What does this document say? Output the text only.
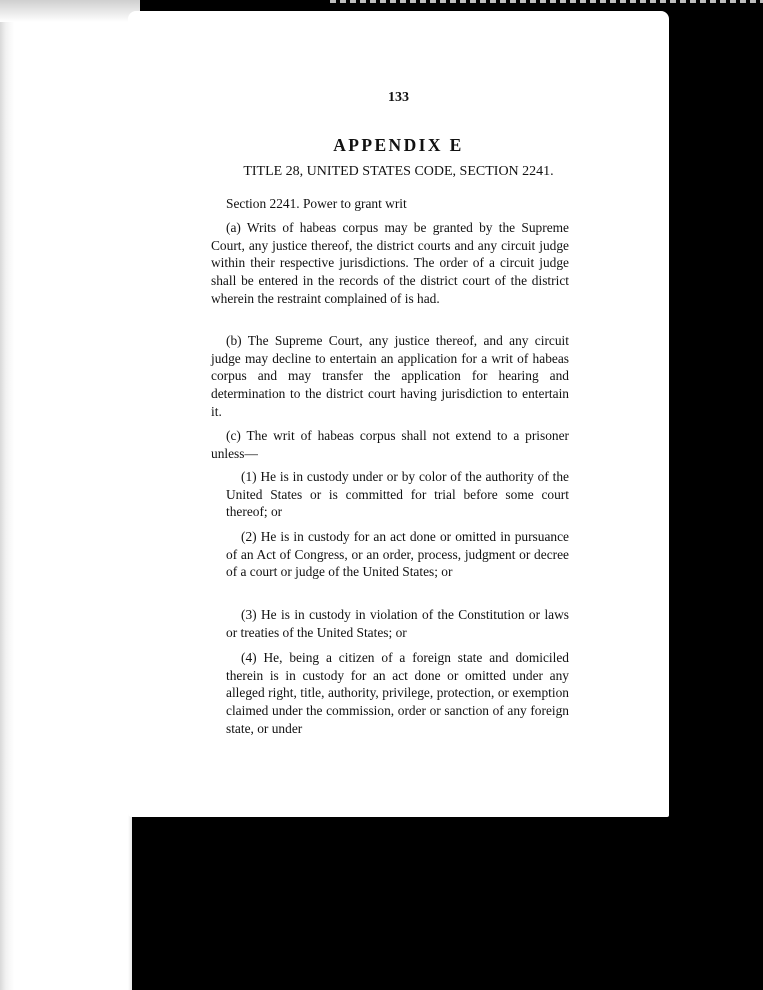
133
APPENDIX E
TITLE 28, UNITED STATES CODE, SECTION 2241.
Section 2241. Power to grant writ

(a) Writs of habeas corpus may be granted by the Supreme Court, any justice thereof, the district courts and any circuit judge within their respective jurisdictions. The order of a circuit judge shall be entered in the records of the district court of the district wherein the restraint complained of is had.

(b) The Supreme Court, any justice thereof, and any circuit judge may decline to entertain an application for a writ of habeas corpus and may transfer the application for hearing and determination to the district court having jurisdiction to entertain it.

(c) The writ of habeas corpus shall not extend to a prisoner unless—

(1) He is in custody under or by color of the authority of the United States or is committed for trial before some court thereof; or

(2) He is in custody for an act done or omitted in pursuance of an Act of Congress, or an order, process, judgment or decree of a court or judge of the United States; or

(3) He is in custody in violation of the Constitution or laws or treaties of the United States; or

(4) He, being a citizen of a foreign state and domiciled therein is in custody for an act done or omitted under any alleged right, title, authority, privilege, protection, or exemption claimed under the commission, order or sanction of any foreign state, or under
